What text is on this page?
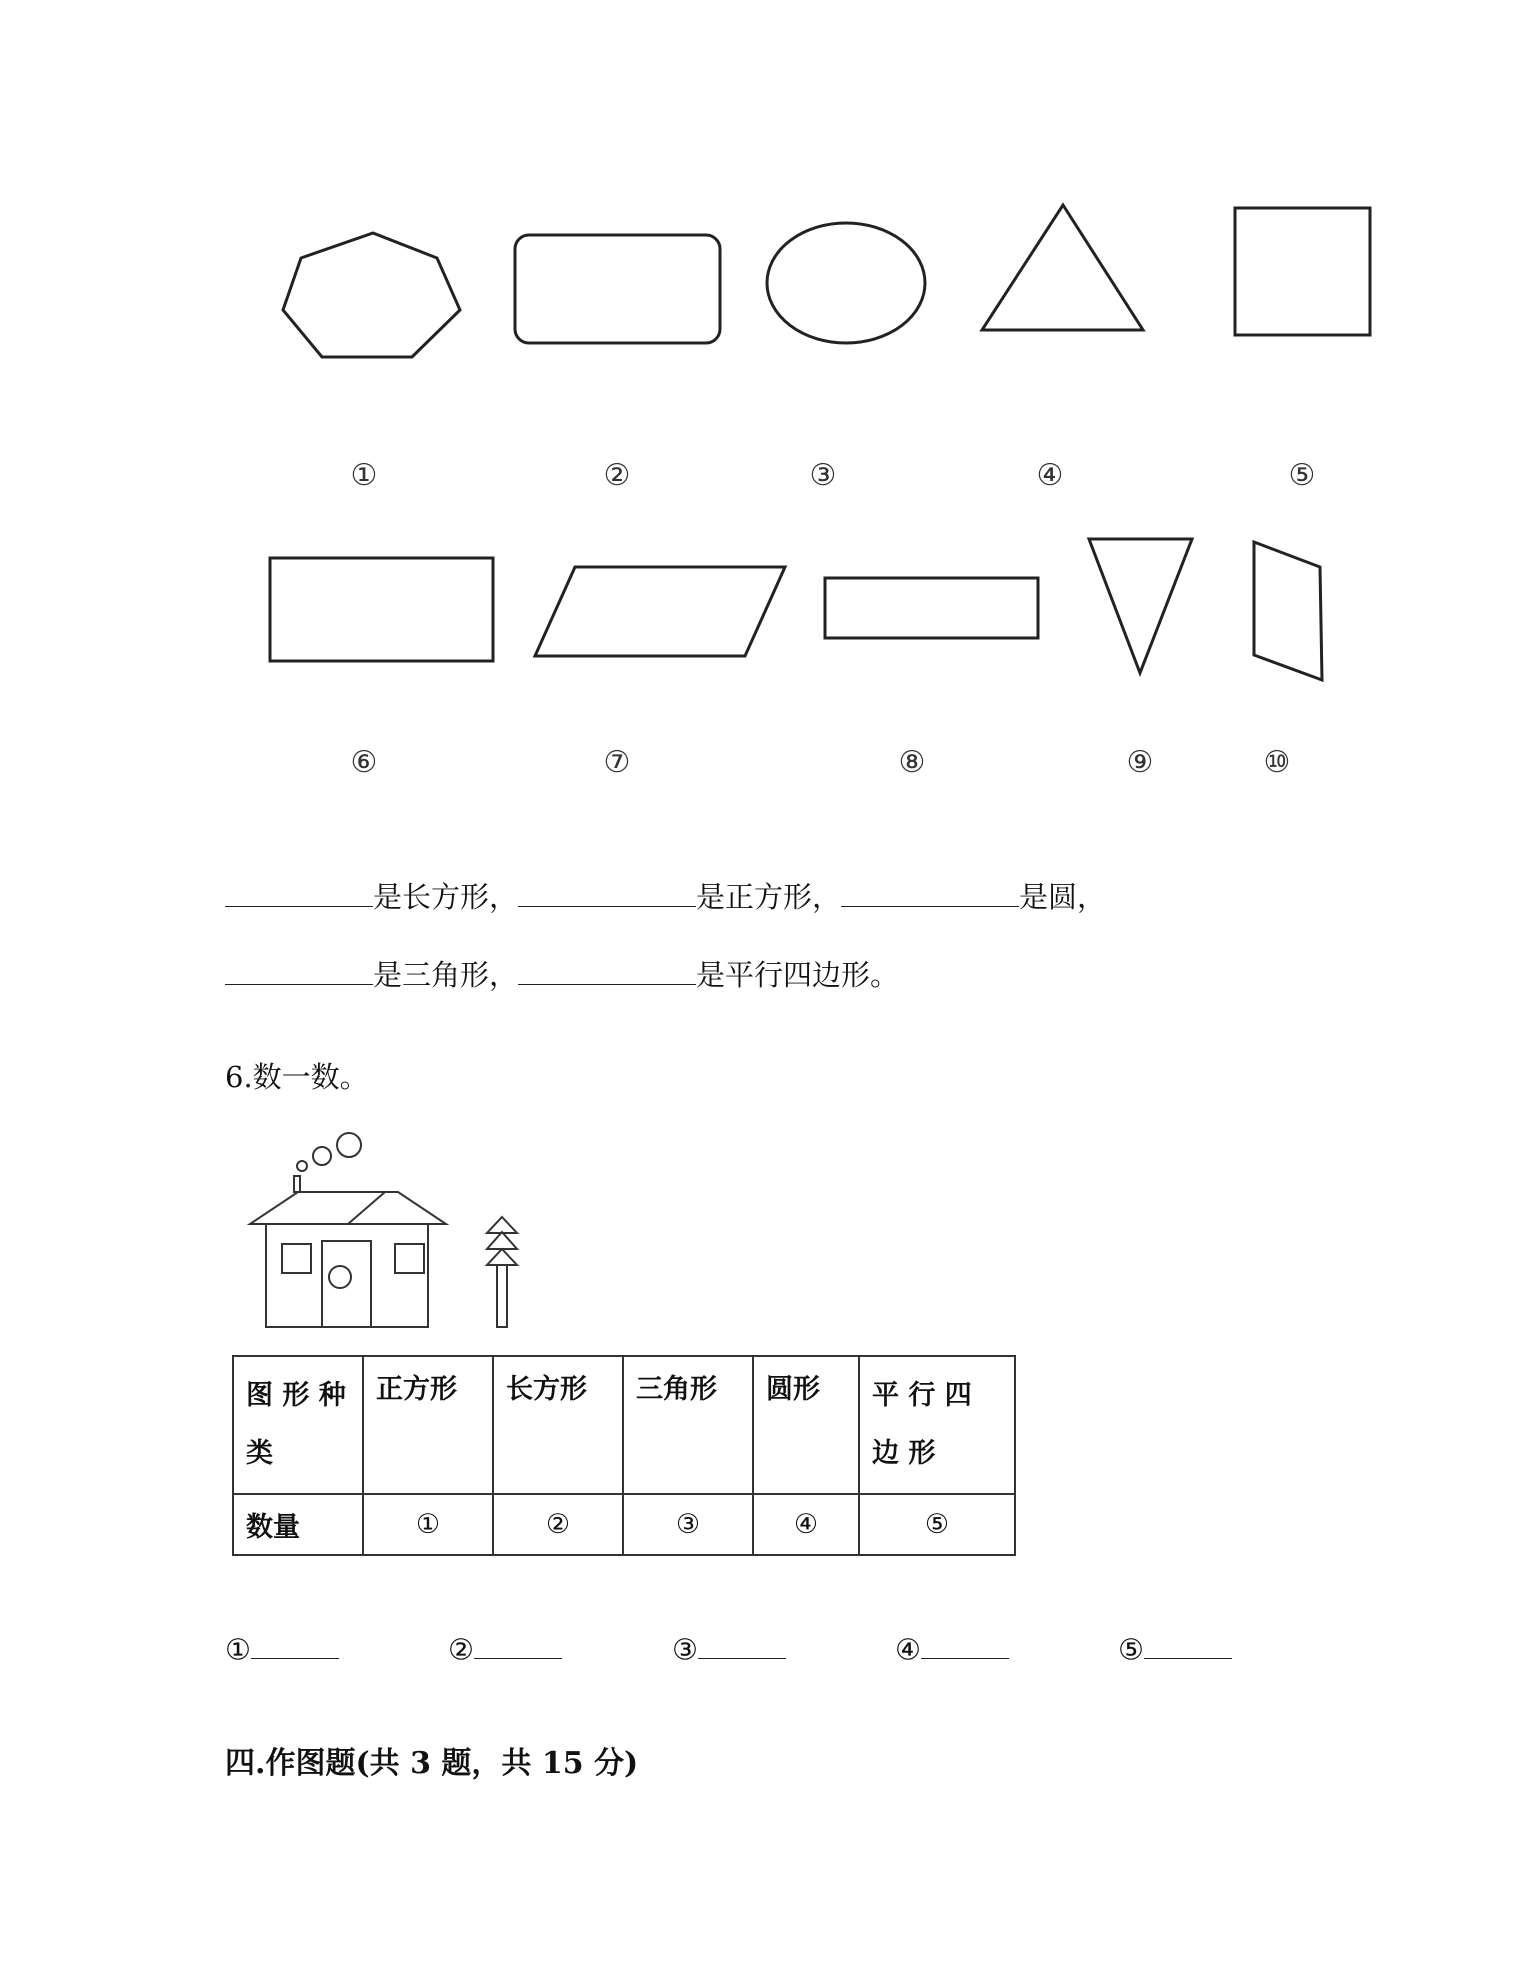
①	②	③	④	⑤
⑥	⑦	⑧	⑨	⑩
是长方形，	是正方形，	是圆，
是三角形，	是平行四边形。
6.数一数。
图 形 种 类	正方形	长方形	三角形	圆形	平 行 四 边 形
数量	①	②	③	④	⑤
①	②	③	④	⑤
四.作图题(共 3 题，共 15 分)
